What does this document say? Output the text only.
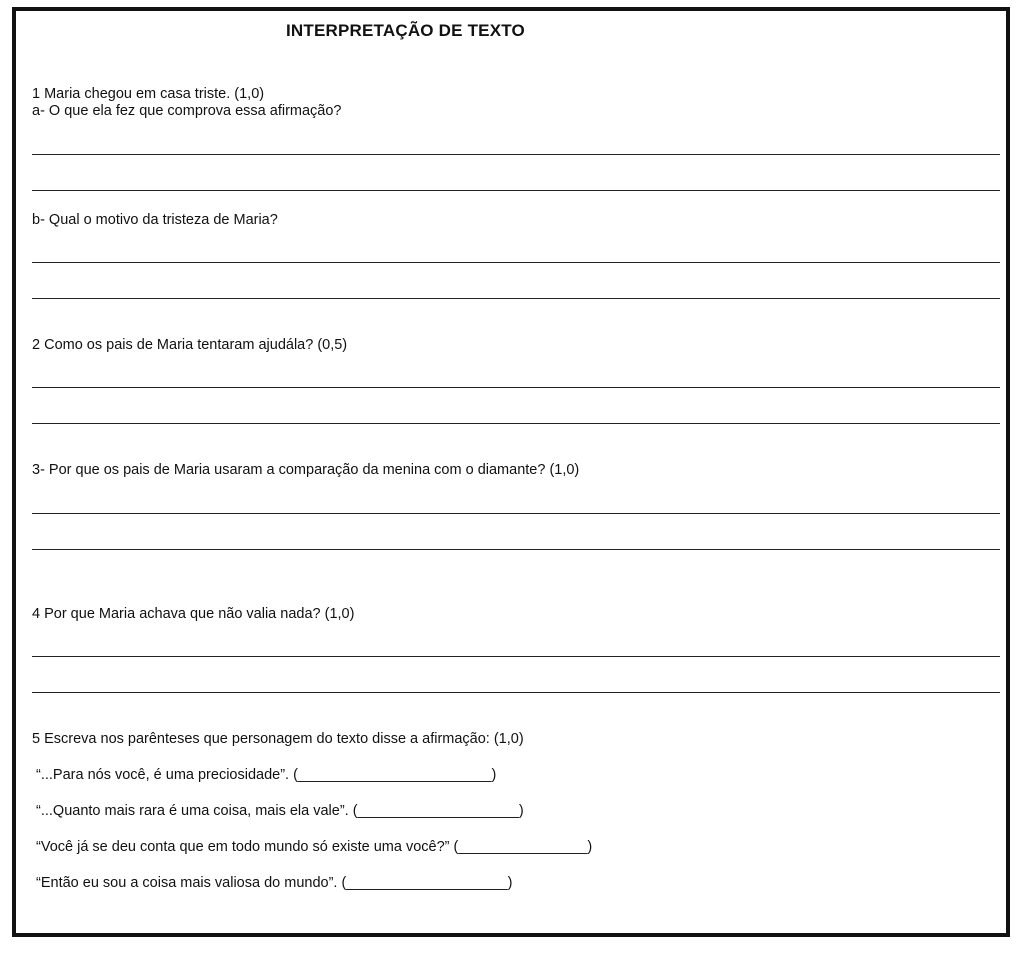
INTERPRETAÇÃO DE TEXTO
1 Maria chegou em casa triste. (1,0)
a- O que ela fez que comprova essa afirmação?
b- Qual o motivo da tristeza de Maria?
2 Como os pais de Maria tentaram ajudála? (0,5)
3- Por que os pais de Maria usaram a comparação da menina com o diamante? (1,0)
4 Por que Maria achava que não valia nada? (1,0)
5 Escreva nos parênteses que personagem do texto disse a afirmação: (1,0)
“...Para nós você, é uma preciosidade”. (________________________)
“...Quanto mais rara é uma coisa, mais ela vale”. (____________________)
“Você já se deu conta que em todo mundo só existe uma você?” (________________)
“Então eu sou a coisa mais valiosa do mundo”. (____________________)
